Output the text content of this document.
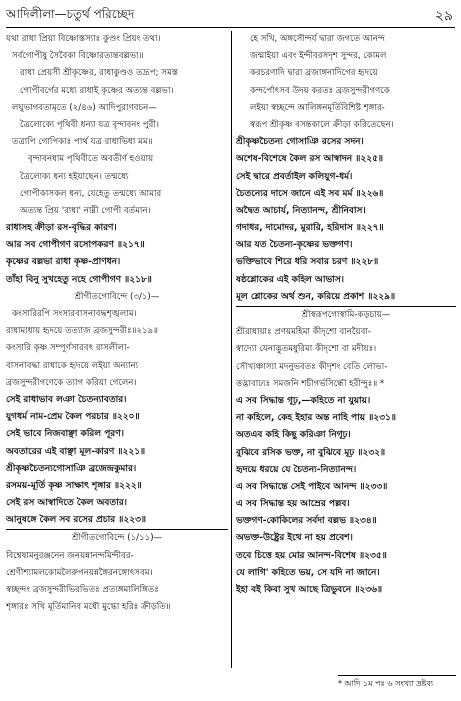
আদিলীলা—চতুর্থ পরিচ্ছেদ	২৯
যথা রাধা প্রিয়া বিষ্ণোস্তস্যাঃ কুণ্ডং প্রিয়ং তথা।
সর্বগোপীষু সৈবৈকা বিষ্ণোরত্যন্তবল্লভা॥
রাধা প্রেয়সী শ্রীকৃষ্ণের, রাধাকুণ্ডও তদ্রূপ; সমস্ত
গোপীবর্গের মধ্যে রাধাই কৃষ্ণের অত্যন্ত বল্লভা।
লঘুভাগবতামৃতে (২/৪৬) আদিপুরাণবচন—
ত্রৈলোক্যে পৃথিবী ধন্যা যত্র বৃন্দাবনং পুরী।
তত্রাপি গোপিকাঃ পার্থ যত্র রাধাভিধা মম॥
বৃন্দাবনধাম পৃথিবীতে অবতীর্ণ হওয়ায়
ত্রৈলোক্য ধন্য হইয়াছেন। তন্মধ্যে
গোপীকাসকল ধন্য, যেহেতু তন্মধ্যে আমার
অত্যন্ত প্রিয় 'রাধা' নাম্নী গোপী বর্তমান।
রাধাসহ ক্রীড়া রস-বৃদ্ধির কারণ।
আর সব গোপীগণ রসোপকরণ ॥২১৭॥
কৃষ্ণের বল্লভা রাধা কৃষ্ণ-প্রাণধন।
তাঁহা বিনু সুখহেতু নহে গোপীগণ ॥২১৮॥
শ্রীগীতগোবিন্দে (৩/১)—
কংসারিরপি সংসারবাসনাবদ্ধশৃঙ্খলাম।
রাধামাধায় হৃদয়ে তত্যাজ ব্রজসুন্দরীঃ॥২১৯॥
কংসারি কৃষ্ণ সম্পূর্ণসারবৎ রাসলীলা-
বাসনাবদ্ধা রাধাকে হৃদয়ে লইয়া অন্যান্য
ব্রজসুন্দরীগণেকে ত্যাগ করিয়া গেলেন।
সেই রাধাভাব লঞা চৈতন্যাবতার।
যুগধর্ম নাম-প্রেম কৈল পরচার ॥২২০॥
সেই ভাবে নিজবাঞ্ছা করিল পূরণ।
অবতারের এই বাঞ্ছা মূল-কারণ ॥২২১॥
শ্রীকৃষ্ণচৈতন্যগোসাঞি ব্রজেন্দ্রকুমার।
রসময়-মূর্তি কৃষ্ণ সাক্ষাৎ শৃঙ্গার ॥২২২॥
সেই রস আস্বাদিতে কৈল অবতার।
আনুষঙ্গে কৈল সব রসের প্রচার ॥২২৩॥
শ্রীগীতগোবিন্দে (১/১১)—
বিশ্বেষামনুরঞ্জনেন জনয়ন্নানন্দমিন্দীবর-
শ্রেণীশ্যামলকোমলৈরুপনয়ন্নঙ্গৈরনঙ্গোৎসবম।
স্বচ্ছন্দং ব্রজসুন্দরীভিরভিতঃ প্রত্যঙ্গমালিঙ্গিতঃ
শৃঙ্গারঃ সখি মূর্তিমানিব মধৌ মুগ্ধো হরিঃ ক্রীড়তি॥
হে সখি, অঙ্গসৌন্দর্য দ্বারা জগতে আনন্দ
জন্মাইয়া এবং ইন্দীবরসদৃশ সুন্দর, কোমল
করচরণাদি দ্বারা ব্রজাঙ্গনাদিগের হৃদয়ে
কন্দর্পোৎসব উদয় করতঃ ব্রজসুন্দরীগণকে
লইয়া স্বচ্ছন্দে আলিঙ্গনমূর্তিবিশিষ্ট শৃঙ্গার-
স্বরূপ শ্রীকৃষ্ণ বসন্তকালে ক্রীড়া করিতেছেন।
শ্রীকৃষ্ণচৈতন্য গোসাঞি রসের সদন।
অশেষ-বিশেষে কৈল রস আস্বাদন ॥২২৫॥
সেই দ্বারে প্রবর্তাইল কলিযুগ-ধর্ম।
চৈতন্যের দাসে জানে এই সব মর্ম ॥২২৬॥
অদ্বৈত আচার্য, নিত্যানন্দ, শ্রীনিবাস।
গদাধর, দামোদর, মুরারি, হরিদাস ॥২২৭॥
আর যত চৈতন্য-কৃষ্ণের ভক্তগণ।
ভক্তিভাবে শিরে ধরি সবার চরণ ॥২২৮॥
ষষ্ঠশ্লোকের এই কহিল আভাস।
মূল শ্লোকের অর্থ শুন, করিয়ে প্রকাশ ॥২২৯॥
শ্রীস্বরূপগোস্বামি-কড়চায়—
শ্রীরাধায়াঃ প্রণয়মহিমা কীদৃশো বানয়ৈবা-
স্বাদ্যো যেনাদ্ভুতমধুরিমা কীদৃশো বা মদীয়ঃ।
সৌখ্যঞ্চাস্যা মদনুভবতঃ কীদৃশং বেতি লোভা-
ত্তদ্ভাবাঢ্যঃ সমজনি শচীগর্ভসিন্ধৌ হরীন্দুঃ॥ *
এ সব সিদ্ধান্ত গূঢ়,—কহিতে না যুয়ায়।
না কহিলে, কেহ ইহার অন্ত নাহি পায় ॥২৩১॥
অতএব কহি কিছু করিঞা নিগূঢ়।
বুঝিবে রসিক ভক্ত, না বুঝিবে মূঢ় ॥২৩২॥
হৃদয়ে ধরয়ে যে চৈতন্য-নিত্যানন্দ।
এ সব সিদ্ধান্তে সেই পাইবে আনন্দ ॥২৩৩॥
এ সব সিদ্ধান্ত হয় আম্রের পল্লব।
ভক্তগণ-কোকিলের সর্বদা বল্লভ ॥২৩৪॥
অভক্ত-উষ্ট্রের ইথে না হয় প্রবেশ।
তবে চিত্তে হয় মোর আনন্দ-বিশেষ ॥২৩৫॥
যে লাগি' কহিতে ভয়, সে যদি না জানে।
ইহা বই কিবা সুখ আছে ত্রিভুবনে ॥২৩৬॥
* আদি ১ম পঃ ৬ সংখ্যা দ্রষ্টব্য
